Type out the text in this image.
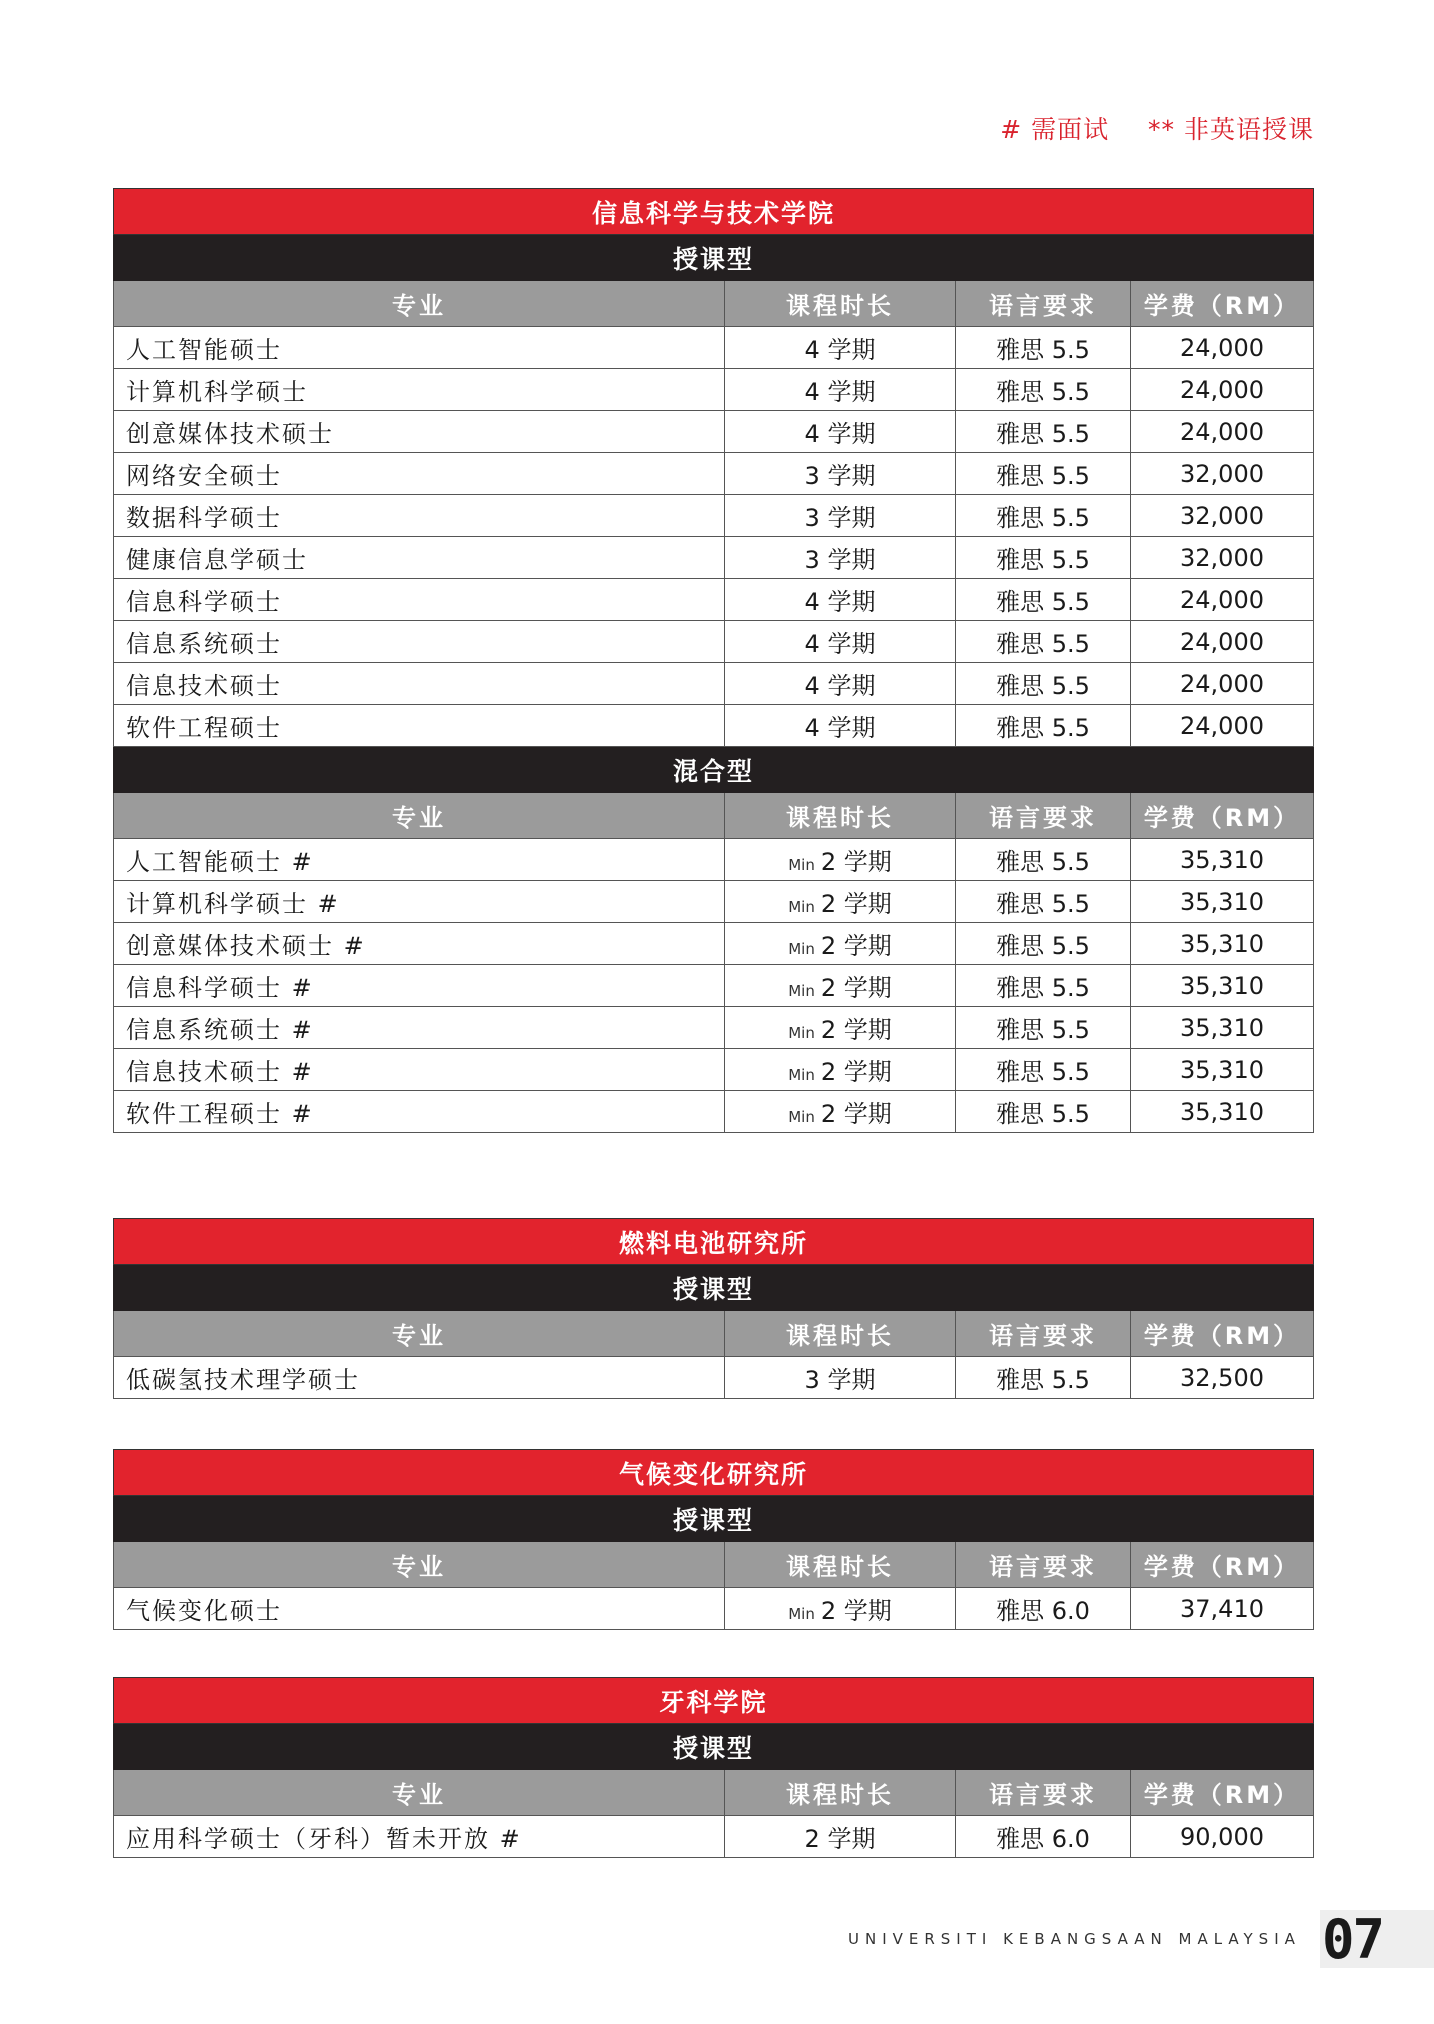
# 需面试 ** 非英语授课
信息科学与技术学院			
授课型			
专业	课程时长	语言要求	学费（RM）
人工智能硕士	4 学期	雅思 5.5	24,000
计算机科学硕士	4 学期	雅思 5.5	24,000
创意媒体技术硕士	4 学期	雅思 5.5	24,000
网络安全硕士	3 学期	雅思 5.5	32,000
数据科学硕士	3 学期	雅思 5.5	32,000
健康信息学硕士	3 学期	雅思 5.5	32,000
信息科学硕士	4 学期	雅思 5.5	24,000
信息系统硕士	4 学期	雅思 5.5	24,000
信息技术硕士	4 学期	雅思 5.5	24,000
软件工程硕士	4 学期	雅思 5.5	24,000
混合型			
专业	课程时长	语言要求	学费（RM）
人工智能硕士 #	Min 2 学期	雅思 5.5	35,310
计算机科学硕士 #	Min 2 学期	雅思 5.5	35,310
创意媒体技术硕士 #	Min 2 学期	雅思 5.5	35,310
信息科学硕士 #	Min 2 学期	雅思 5.5	35,310
信息系统硕士 #	Min 2 学期	雅思 5.5	35,310
信息技术硕士 #	Min 2 学期	雅思 5.5	35,310
软件工程硕士 #	Min 2 学期	雅思 5.5	35,310
燃料电池研究所			
授课型			
专业	课程时长	语言要求	学费（RM）
低碳氢技术理学硕士	3 学期	雅思 5.5	32,500
气候变化研究所			
授课型			
专业	课程时长	语言要求	学费（RM）
气候变化硕士	Min 2 学期	雅思 6.0	37,410
牙科学院			
授课型			
专业	课程时长	语言要求	学费（RM）
应用科学硕士（牙科）暂未开放 #	2 学期	雅思 6.0	90,000
UNIVERSITI KEBANGSAAN MALAYSIA 07
